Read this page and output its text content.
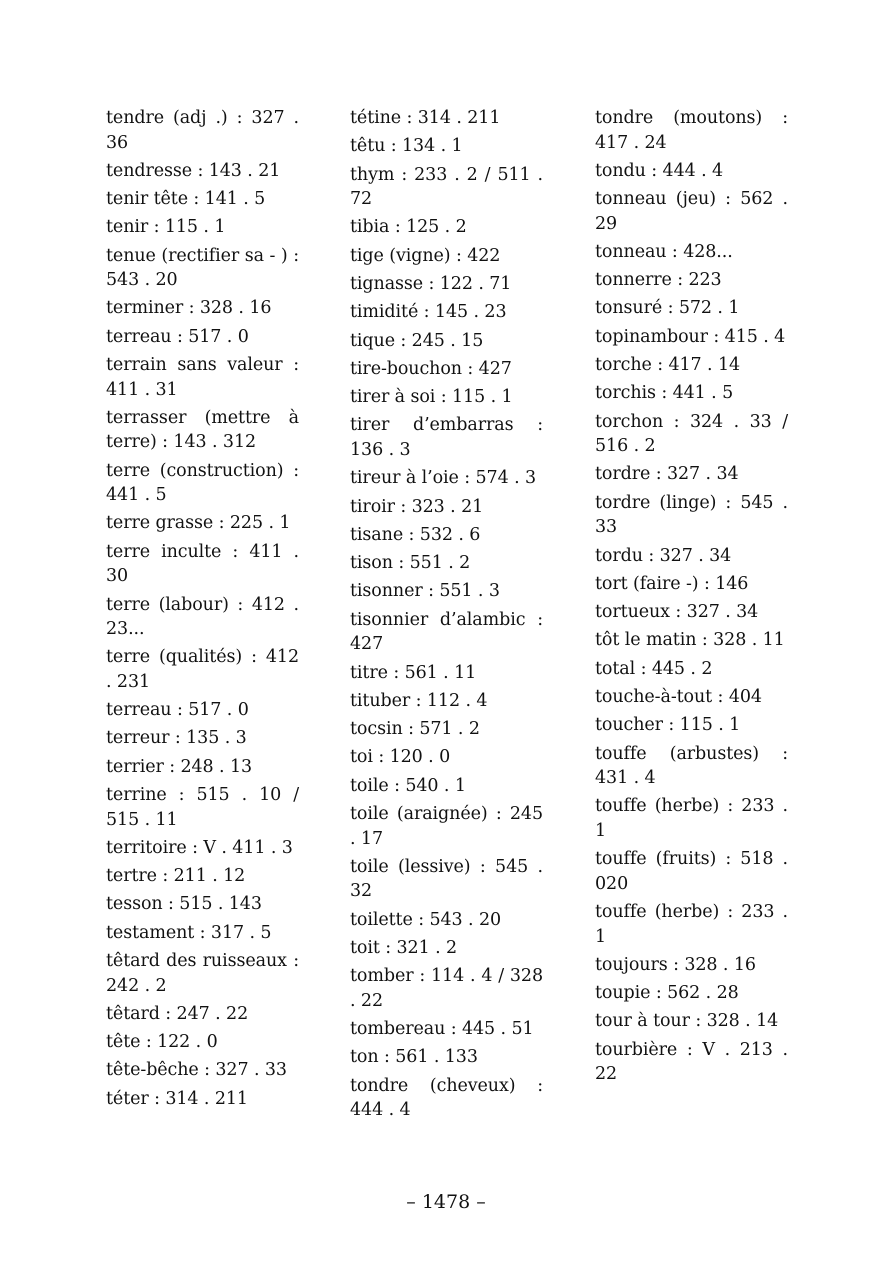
tendre (adj .) : 327 . 36
tendresse : 143 . 21
tenir tête : 141 . 5
tenir : 115 . 1
tenue (rectifier sa - ) : 543 . 20
terminer : 328 . 16
terreau : 517 . 0
terrain sans valeur : 411 . 31
terrasser (mettre à terre) : 143 . 312
terre (construction) : 441 . 5
terre grasse : 225 . 1
terre inculte : 411 . 30
terre (labour) : 412 . 23...
terre (qualités) : 412 . 231
terreau : 517 . 0
terreur : 135 . 3
terrier : 248 . 13
terrine : 515 . 10 / 515 . 11
territoire : V . 411 . 3
tertre : 211 . 12
tesson : 515 . 143
testament : 317 . 5
têtard des ruisseaux : 242 . 2
têtard : 247 . 22
tête : 122 . 0
tête-bêche : 327 . 33
téter : 314 . 211
tétine : 314 . 211
têtu : 134 . 1
thym : 233 . 2 / 511 . 72
tibia : 125 . 2
tige (vigne) : 422
tignasse : 122 . 71
timidité : 145 . 23
tique : 245 . 15
tire-bouchon : 427
tirer à soi : 115 . 1
tirer d’embarras : 136 . 3
tireur à l’oie : 574 . 3
tiroir : 323 . 21
tisane : 532 . 6
tison : 551 . 2
tisonner : 551 . 3
tisonnier d’alambic : 427
titre : 561 . 11
tituber : 112 . 4
tocsin : 571 . 2
toi : 120 . 0
toile : 540 . 1
toile (araignée) : 245 . 17
toile (lessive) : 545 . 32
toilette : 543 . 20
toit : 321 . 2
tomber : 114 . 4 / 328 . 22
tombereau : 445 . 51
ton : 561 . 133
tondre (cheveux) : 444 . 4
tondre (moutons) : 417 . 24
tondu : 444 . 4
tonneau (jeu) : 562 . 29
tonneau : 428...
tonnerre : 223
tonsuré : 572 . 1
topinambour : 415 . 4
torche : 417 . 14
torchis : 441 . 5
torchon : 324 . 33 / 516 . 2
tordre : 327 . 34
tordre (linge) : 545 . 33
tordu : 327 . 34
tort (faire -) : 146
tortueux : 327 . 34
tôt le matin : 328 . 11
total : 445 . 2
touche-à-tout : 404
toucher : 115 . 1
touffe (arbustes) : 431 . 4
touffe (herbe) : 233 . 1
touffe (fruits) : 518 . 020
touffe (herbe) : 233 . 1
toujours : 328 . 16
toupie : 562 . 28
tour à tour : 328 . 14
tourbière : V . 213 . 22
– 1478 –
